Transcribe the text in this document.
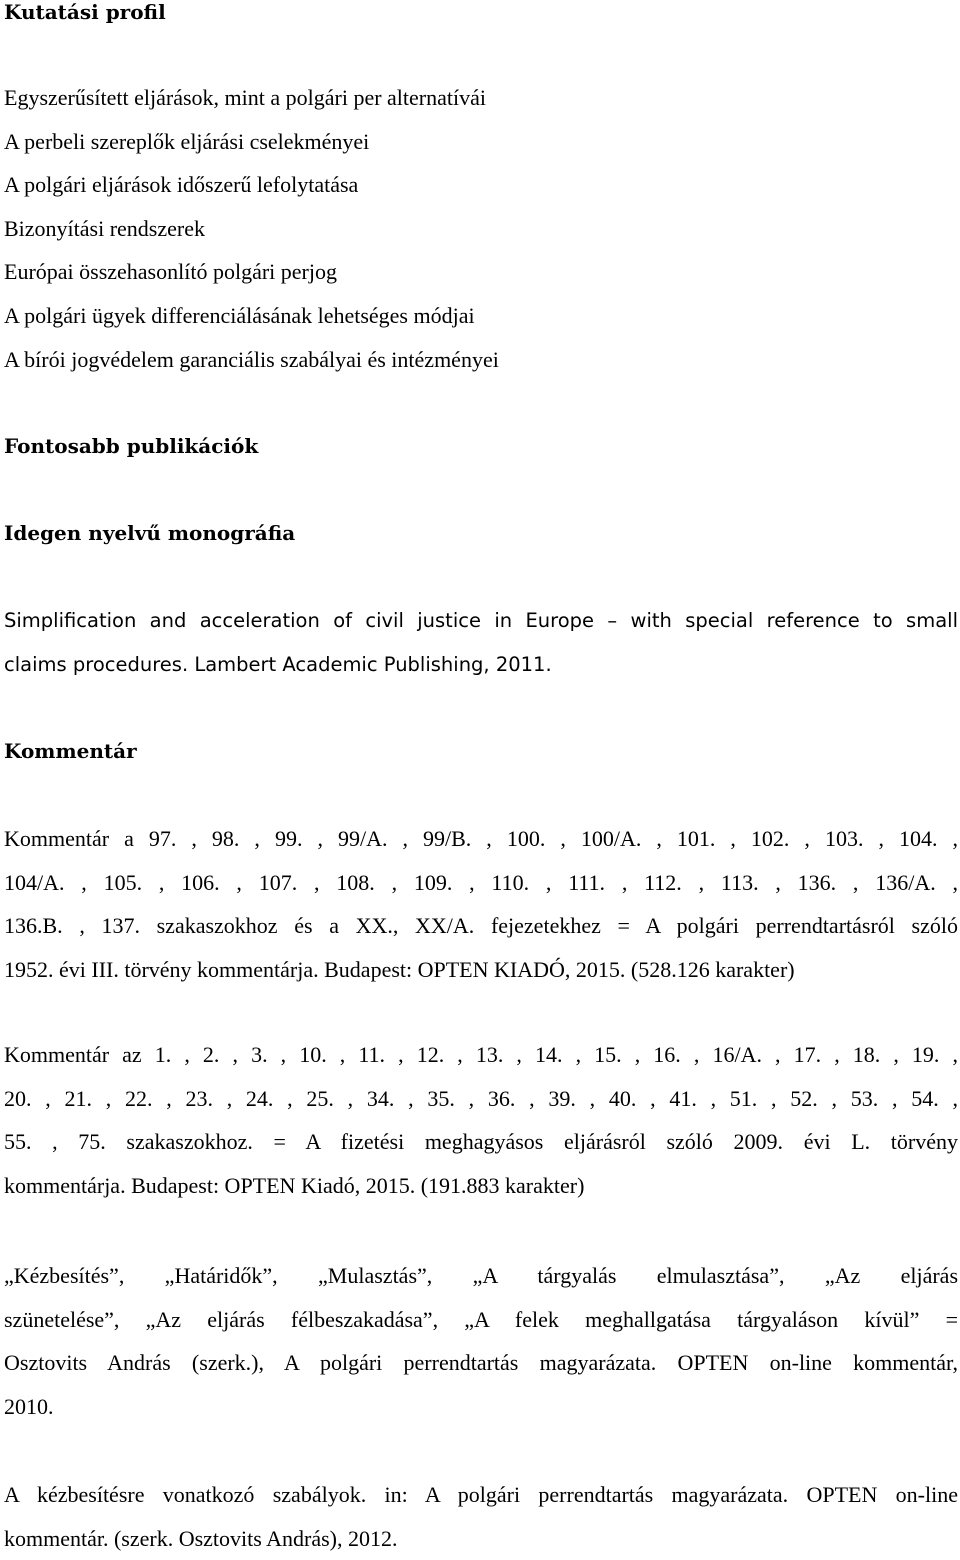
Kutatási profil
Egyszerűsített eljárások, mint a polgári per alternatívái
A perbeli szereplők eljárási cselekményei
A polgári eljárások időszerű lefolytatása
Bizonyítási rendszerek
Európai összehasonlító polgári perjog
A polgári ügyek differenciálásának lehetséges módjai
A bírói jogvédelem garanciális szabályai és intézményei
Fontosabb publikációk
Idegen nyelvű monográfia
Simplification and acceleration of civil justice in Europe – with special reference to small
claims procedures. Lambert Academic Publishing, 2011.
Kommentár
Kommentár a 97. , 98. , 99. , 99/A. , 99/B. , 100. , 100/A. , 101. , 102. , 103. , 104. ,
104/A. , 105. , 106. , 107. , 108. , 109. , 110. , 111. , 112. , 113. , 136. , 136/A. ,
136.B. , 137. szakaszokhoz és a XX., XX/A. fejezetekhez = A polgári perrendtartásról szóló
1952. évi III. törvény kommentárja. Budapest: OPTEN KIADÓ, 2015. (528.126 karakter)
Kommentár az 1. , 2. , 3. , 10. , 11. , 12. , 13. , 14. , 15. , 16. , 16/A. , 17. , 18. , 19. ,
20. , 21. , 22. , 23. , 24. , 25. , 34. , 35. , 36. , 39. , 40. , 41. , 51. , 52. , 53. , 54. ,
55. , 75. szakaszokhoz. = A fizetési meghagyásos eljárásról szóló 2009. évi L. törvény
kommentárja. Budapest: OPTEN Kiadó, 2015. (191.883 karakter)
„Kézbesítés”, „Határidők”, „Mulasztás”, „A tárgyalás elmulasztása”, „Az eljárás
szünetelése”, „Az eljárás félbeszakadása”, „A felek meghallgatása tárgyaláson kívül” =
Osztovits András (szerk.), A polgári perrendtartás magyarázata. OPTEN on-line kommentár,
2010.
A kézbesítésre vonatkozó szabályok. in: A polgári perrendtartás magyarázata. OPTEN on-line
kommentár. (szerk. Osztovits András), 2012.
